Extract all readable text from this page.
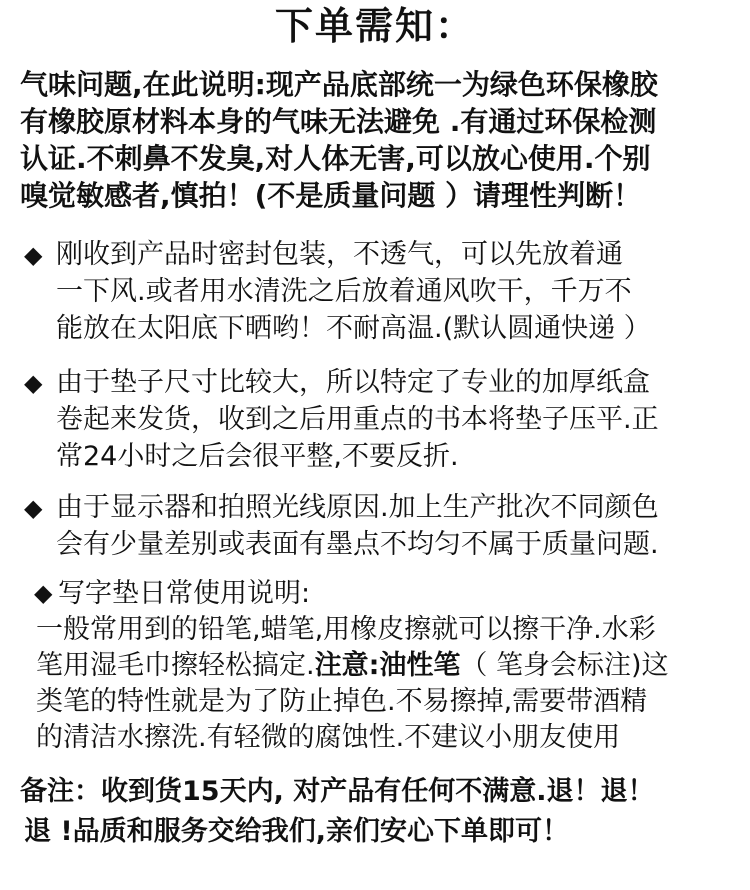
下单需知：
气味问题,在此说明:现产品底部统一为绿色环保橡胶
有橡胶原材料本身的气味无法避免 .有通过环保检测
认证.不刺鼻不发臭,对人体无害,可以放心使用.个别
嗅觉敏感者,慎拍！(不是质量问题 ）请理性判断！
◆ 刚收到产品时密封包装，不透气，可以先放着通
一下风.或者用水清洗之后放着通风吹干，千万不
能放在太阳底下晒哟！不耐高温.(默认圆通快递 ）
◆ 由于垫子尺寸比较大，所以特定了专业的加厚纸盒
卷起来发货，收到之后用重点的书本将垫子压平.正
常24小时之后会很平整,不要反折.
◆ 由于显示器和拍照光线原因.加上生产批次不同颜色
会有少量差别或表面有墨点不均匀不属于质量问题.
◆ 写字垫日常使用说明:
一般常用到的铅笔,蜡笔,用橡皮擦就可以擦干净.水彩
笔用湿毛巾擦轻松搞定.注意:油性笔（ 笔身会标注)这
类笔的特性就是为了防止掉色.不易擦掉,需要带酒精
的清洁水擦洗.有轻微的腐蚀性.不建议小朋友使用
备注：收到货15天内, 对产品有任何不满意.退！退！
退 !品质和服务交给我们,亲们安心下单即可！
